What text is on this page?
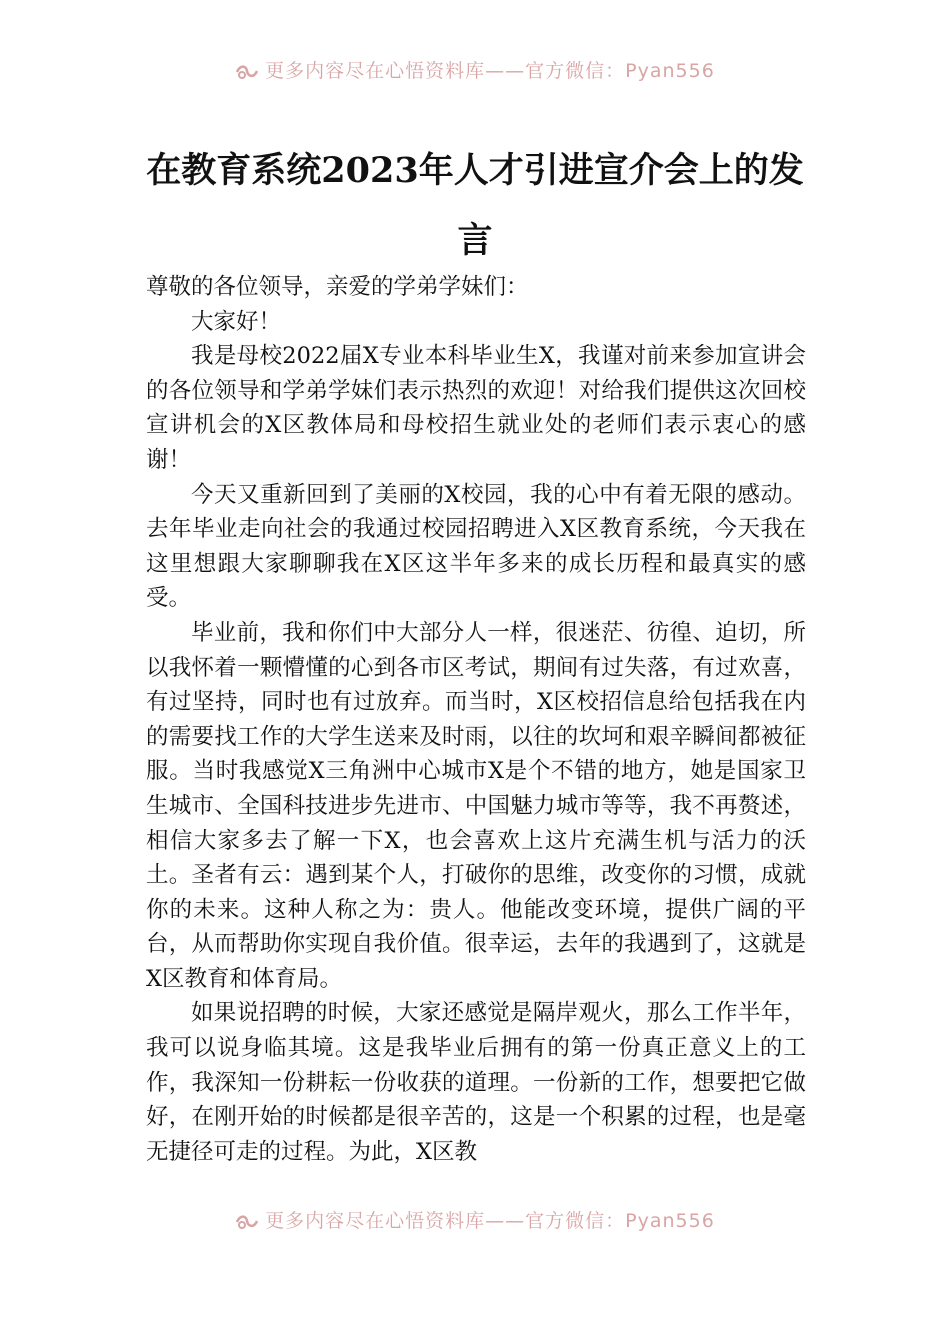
更多内容尽在心悟资料库——官方微信：Pyan556
在教育系统2023年人才引进宣介会上的发言

尊敬的各位领导，亲爱的学弟学妹们：

大家好！

我是母校2022届X专业本科毕业生X，我谨对前来参加宣讲会的各位领导和学弟学妹们表示热烈的欢迎！对给我们提供这次回校宣讲机会的X区教体局和母校招生就业处的老师们表示衷心的感谢！

今天又重新回到了美丽的X校园，我的心中有着无限的感动。去年毕业走向社会的我通过校园招聘进入X区教育系统，今天我在这里想跟大家聊聊我在X区这半年多来的成长历程和最真实的感受。

毕业前，我和你们中大部分人一样，很迷茫、彷徨、迫切，所以我怀着一颗懵懂的心到各市区考试，期间有过失落，有过欢喜，有过坚持，同时也有过放弃。而当时，X区校招信息给包括我在内的需要找工作的大学生送来及时雨，以往的坎坷和艰辛瞬间都被征服。当时我感觉X三角洲中心城市X是个不错的地方，她是国家卫生城市、全国科技进步先进市、中国魅力城市等等，我不再赘述，相信大家多去了解一下X，也会喜欢上这片充满生机与活力的沃土。圣者有云：遇到某个人，打破你的思维，改变你的习惯，成就你的未来。这种人称之为：贵人。他能改变环境，提供广阔的平台，从而帮助你实现自我价值。很幸运，去年的我遇到了，这就是X区教育和体育局。

如果说招聘的时候，大家还感觉是隔岸观火，那么工作半年，我可以说身临其境。这是我毕业后拥有的第一份真正意义上的工作，我深知一份耕耘一份收获的道理。一份新的工作，想要把它做好，在刚开始的时候都是很辛苦的，这是一个积累的过程，也是毫无捷径可走的过程。为此，X区教

更多内容尽在心悟资料库——官方微信：Pyan556
